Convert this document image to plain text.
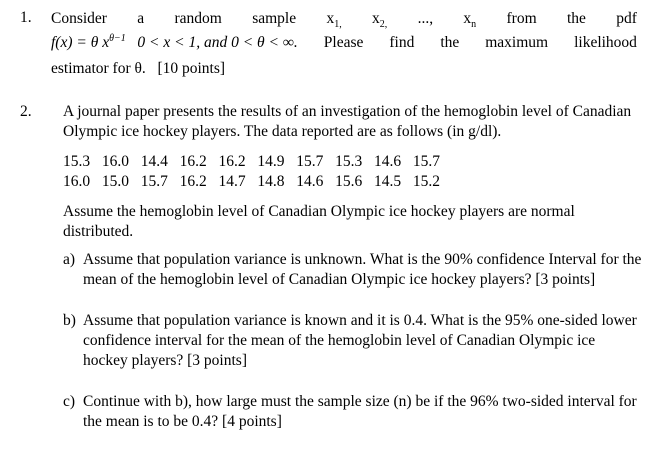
1. Consider a random sample $x_{1,}$ $x_{2,}$ ..., $x_n$ from the pdf
f(x) = θ $x^{\theta-1}$ 0 < x < 1, and 0 < θ < ∞. Please find the maximum likelihood
estimator for θ. [10 points]
2. A journal paper presents the results of an investigation of the hemoglobin level of Canadian Olympic ice hockey players. The data reported are as follows (in g/dl).

15.3  16.0  14.4  16.2  16.2  14.9  15.7  15.3  14.6  15.7

16.0  15.0  15.7  16.2  14.7  14.8  14.6  15.6  14.5  15.2

Assume the hemoglobin level of Canadian Olympic ice hockey players are normal distributed.

a) Assume that population variance is unknown. What is the 90% confidence Interval for the mean of the hemoglobin level of Canadian Olympic ice hockey players? [3 points]
b) Assume that population variance is known and it is 0.4. What is the 95% one-sided lower confidence interval for the mean of the hemoglobin level of Canadian Olympic ice hockey players? [3 points]
c) Continue with b), how large must the sample size (n) be if the 96% two-sided interval for the mean is to be 0.4? [4 points]
